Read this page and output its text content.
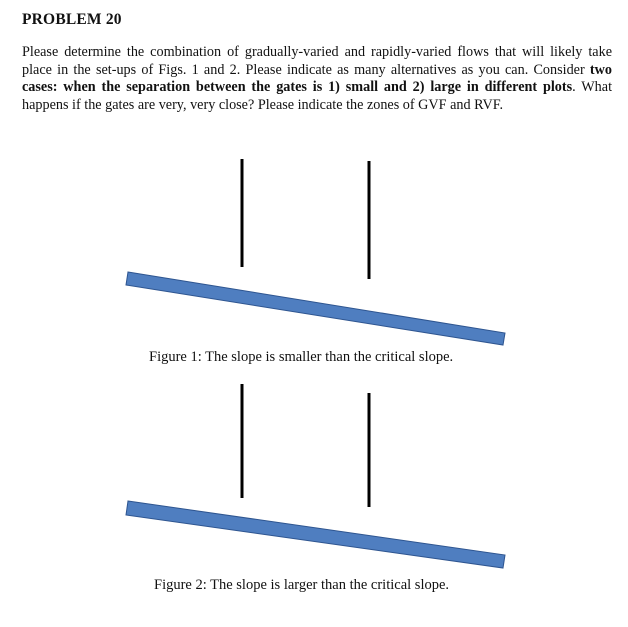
PROBLEM 20
Please determine the combination of gradually-varied and rapidly-varied flows that will likely take place in the set-ups of Figs. 1 and 2. Please indicate as many alternatives as you can. Consider two cases: when the separation between the gates is 1) small and 2) large in different plots. What happens if the gates are very, very close? Please indicate the zones of GVF and RVF.
Figure 1: The slope is smaller than the critical slope.
Figure 2: The slope is larger than the critical slope.
